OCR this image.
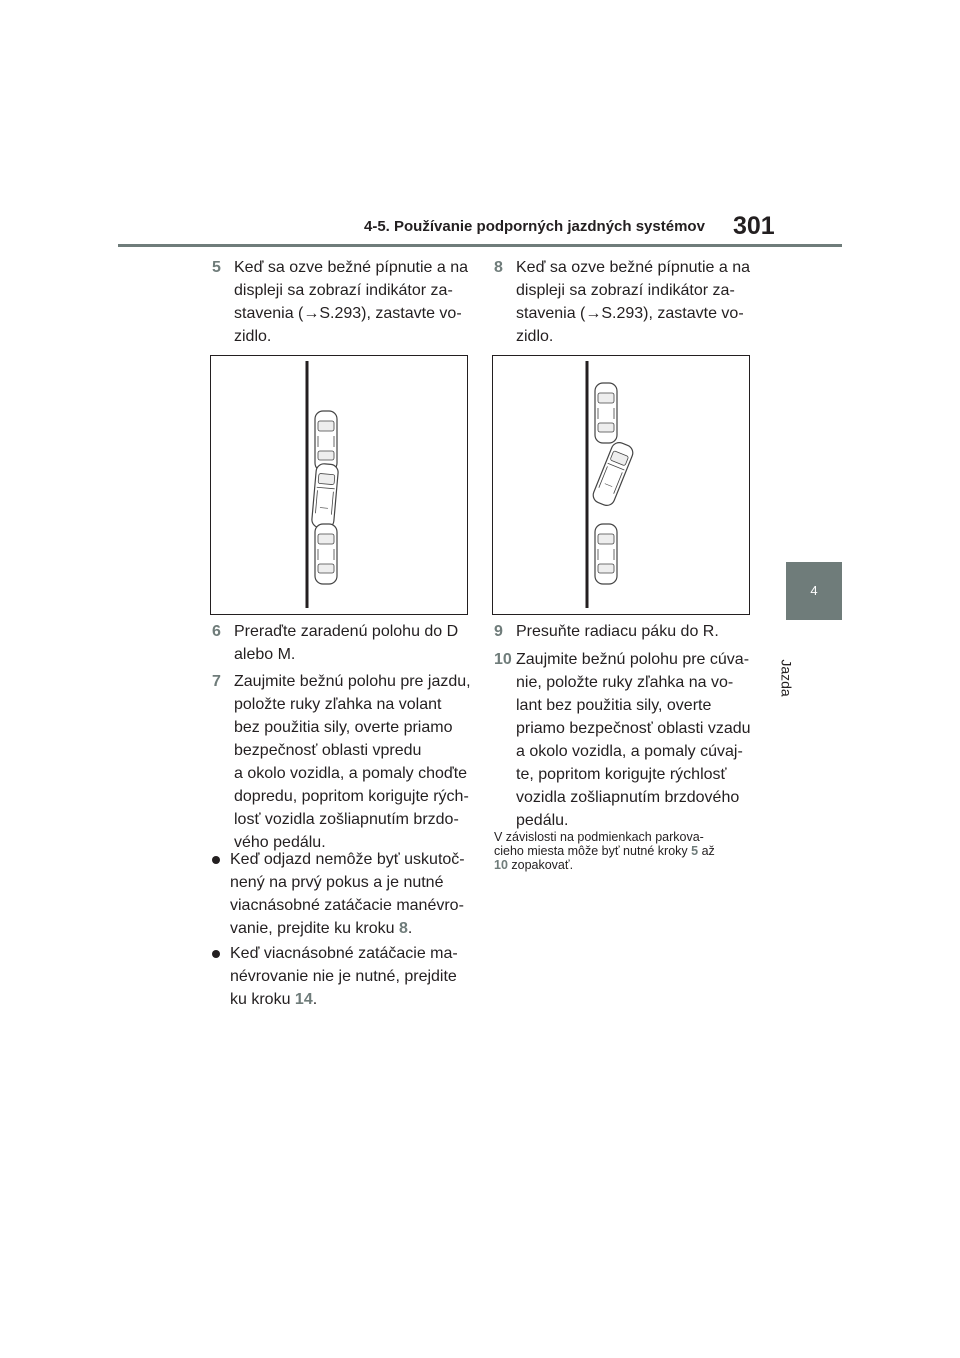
4-5. Používanie podporných jazdných systémov 301
4
Jazda
5 Keď sa ozve bežné pípnutie a na
displeji sa zobrazí indikátor za-
stavenia (→S.293), zastavte vo-
zidlo.
6 Preraďte zaradenú polohu do D
alebo M.
7 Zaujmite bežnú polohu pre jazdu,
položte ruky zľahka na volant
bez použitia sily, overte priamo
bezpečnosť oblasti vpredu
a okolo vozidla, a pomaly choďte
dopredu, popritom korigujte rých-
losť vozidla zošliapnutím brzdo-
vého pedálu.
Keď odjazd nemôže byť uskutoč-
nený na prvý pokus a je nutné
viacnásobné zatáčacie manévro-
vanie, prejdite ku kroku 8.
Keď viacnásobné zatáčacie ma-
névrovanie nie je nutné, prejdite
ku kroku 14.
8 Keď sa ozve bežné pípnutie a na
displeji sa zobrazí indikátor za-
stavenia (→S.293), zastavte vo-
zidlo.
9 Presuňte radiacu páku do R.
10 Zaujmite bežnú polohu pre cúva-
nie, položte ruky zľahka na vo-
lant bez použitia sily, overte
priamo bezpečnosť oblasti vzadu
a okolo vozidla, a pomaly cúvaj-
te, popritom korigujte rýchlosť
vozidla zošliapnutím brzdového
pedálu.
V závislosti na podmienkach parkova-
cieho miesta môže byť nutné kroky 5 až
10 zopakovať.
